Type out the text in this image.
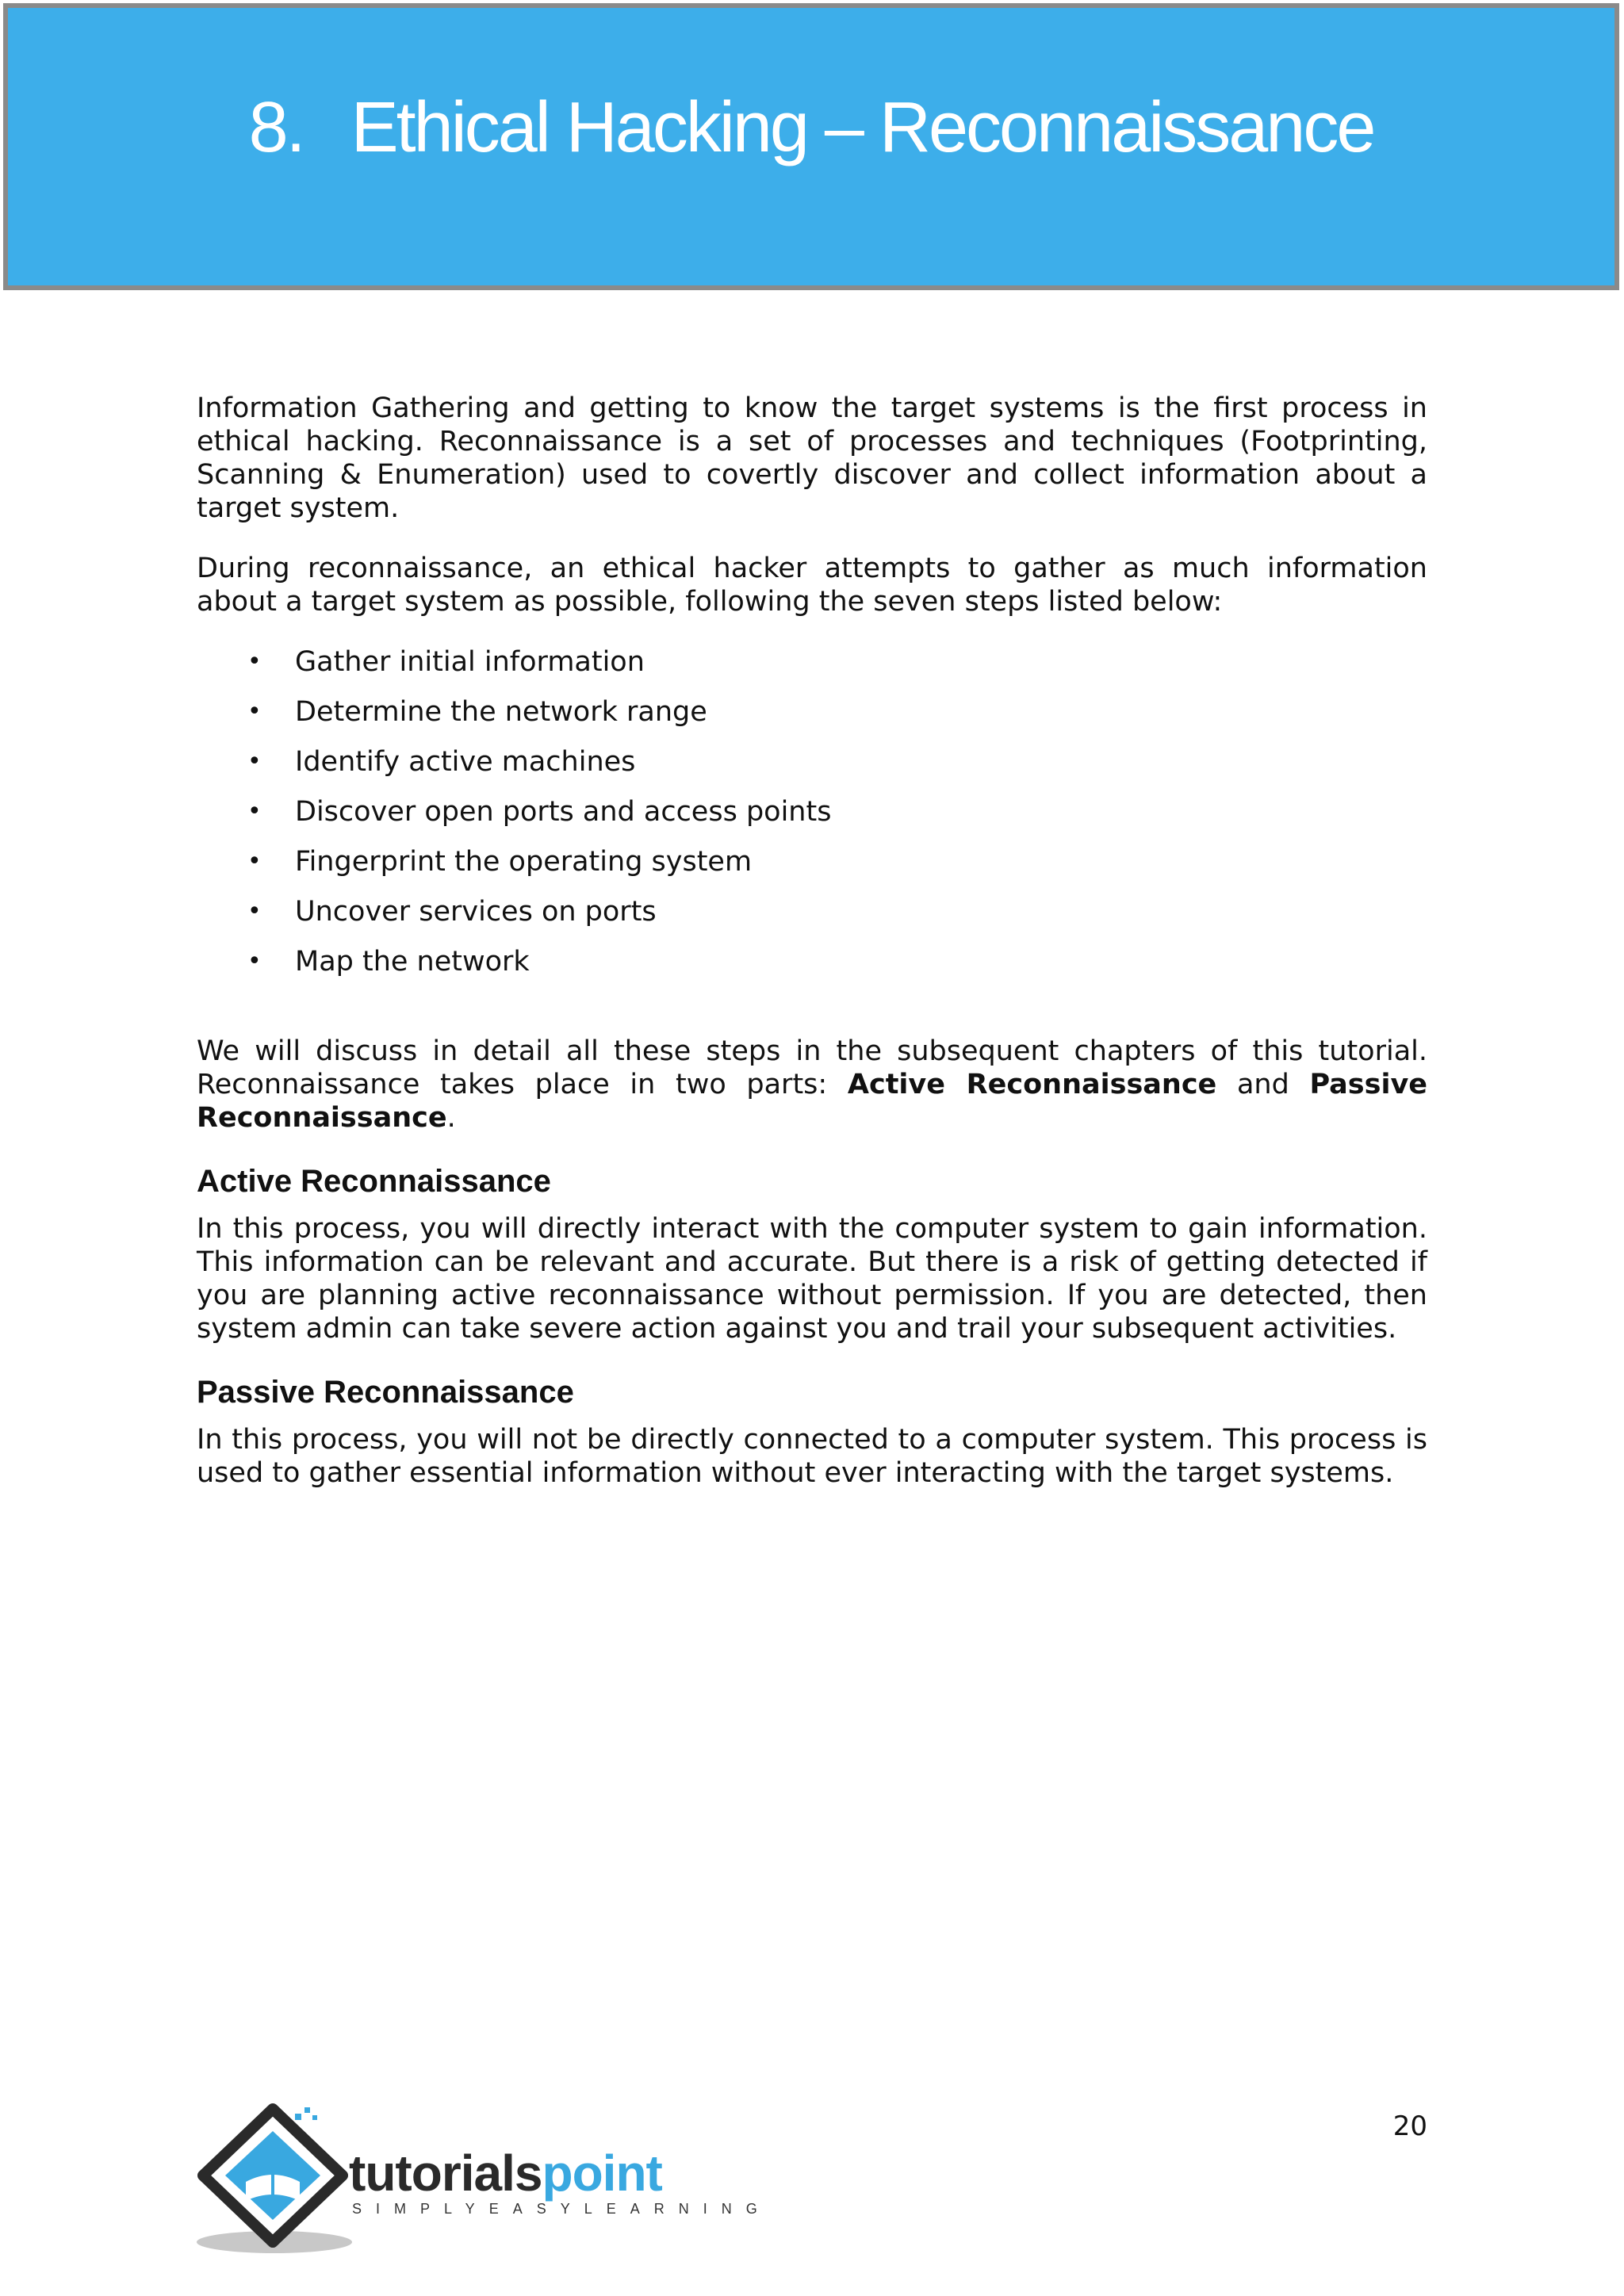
8. Ethical Hacking – Reconnaissance

Information Gathering and getting to know the target systems is the first process in ethical hacking. Reconnaissance is a set of processes and techniques (Footprinting, Scanning & Enumeration) used to covertly discover and collect information about a target system.

During reconnaissance, an ethical hacker attempts to gather as much information about a target system as possible, following the seven steps listed below:

• Gather initial information
• Determine the network range
• Identify active machines
• Discover open ports and access points
• Fingerprint the operating system
• Uncover services on ports
• Map the network

We will discuss in detail all these steps in the subsequent chapters of this tutorial. Reconnaissance takes place in two parts: Active Reconnaissance and Passive Reconnaissance.

Active Reconnaissance

In this process, you will directly interact with the computer system to gain information. This information can be relevant and accurate. But there is a risk of getting detected if you are planning active reconnaissance without permission. If you are detected, then system admin can take severe action against you and trail your subsequent activities.

Passive Reconnaissance

In this process, you will not be directly connected to a computer system. This process is used to gather essential information without ever interacting with the target systems.

20
tutorialspoint
SIMPLYEASYLEARNING
